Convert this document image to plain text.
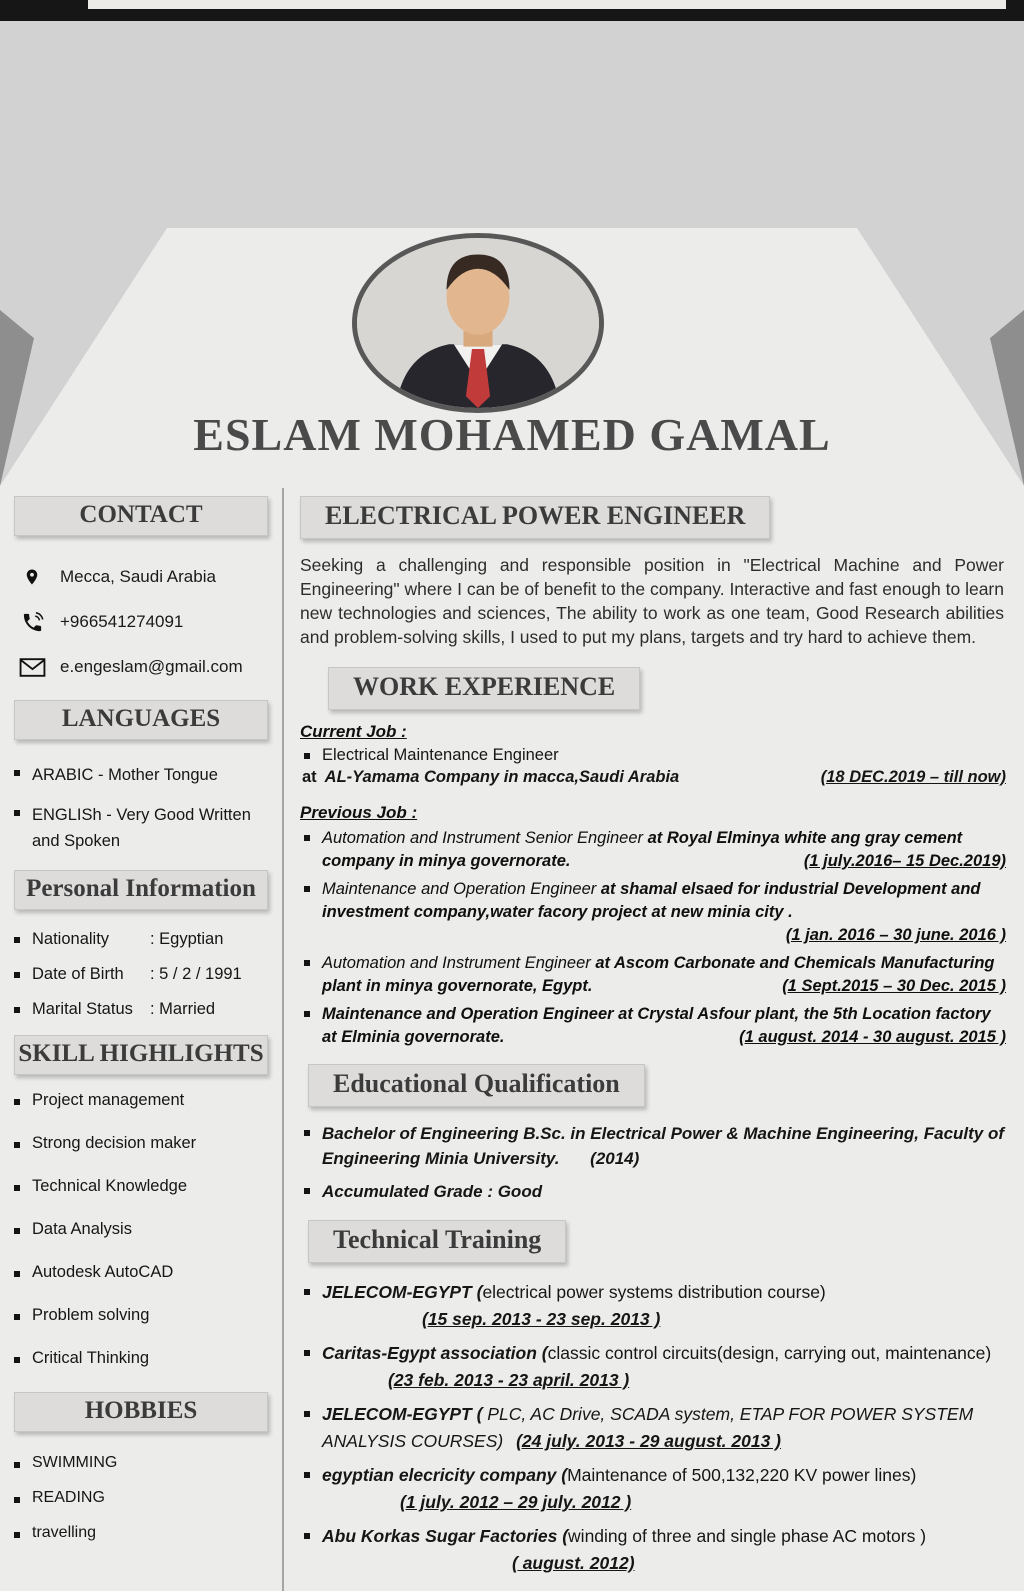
ESLAM MOHAMED GAMAL
CONTACT
Mecca, Saudi Arabia
+966541274091
e.engeslam@gmail.com
LANGUAGES
ARABIC - Mother Tongue
ENGLISh - Very Good Written and Spoken
Personal Information
Nationality	: Egyptian
Date of Birth	: 5 / 2 / 1991
Marital Status	: Married
SKILL HIGHLIGHTS
Project management
Strong decision maker
Technical Knowledge
Data Analysis
Autodesk AutoCAD
Problem solving
Critical Thinking
HOBBIES
SWIMMING
READING
travelling
ELECTRICAL POWER ENGINEER

Seeking a challenging and responsible position in "Electrical Machine and Power Engineering" where I can be of benefit to the company. Interactive and fast enough to learn new technologies and sciences, The ability to work as one team, Good Research abilities and problem-solving skills, I used to put my plans, targets and try hard to achieve them.

WORK EXPERIENCE
Current Job :
Electrical Maintenance Engineer
at AL-Yamama Company in macca,Saudi Arabia	(18 DEC.2019 – till now)
Previous Job :
Automation and Instrument Senior Engineer at Royal Elminya white ang gray cement company in minya governorate.	(1 july.2016– 15 Dec.2019)
Maintenance and Operation Engineer at shamal elsaed for industrial Development and investment company,water facory project at new minia city .
(1 jan. 2016 – 30 june. 2016 )
Automation and Instrument Engineer at Ascom Carbonate and Chemicals Manufacturing plant in minya governorate, Egypt.	(1 Sept.2015 – 30 Dec. 2015 )
Maintenance and Operation Engineer at Crystal Asfour plant, the 5th Location factory at Elminia governorate.	(1 august. 2014 - 30 august. 2015 )
Educational Qualification
Bachelor of Engineering B.Sc. in Electrical Power & Machine Engineering, Faculty of Engineering Minia University. (2014)
Accumulated Grade : Good
Technical Training
JELECOM-EGYPT (electrical power systems distribution course)
(15 sep. 2013 - 23 sep. 2013 )
Caritas-Egypt association (classic control circuits(design, carrying out, maintenance) (23 feb. 2013 - 23 april. 2013 )
JELECOM-EGYPT ( PLC, AC Drive, SCADA system, ETAP FOR POWER SYSTEM ANALYSIS COURSES) (24 july. 2013 - 29 august. 2013 )
egyptian elecricity company (Maintenance of 500,132,220 KV power lines) (1 july. 2012 – 29 july. 2012 )
Abu Korkas Sugar Factories (winding of three and single phase AC motors ) ( august. 2012)
